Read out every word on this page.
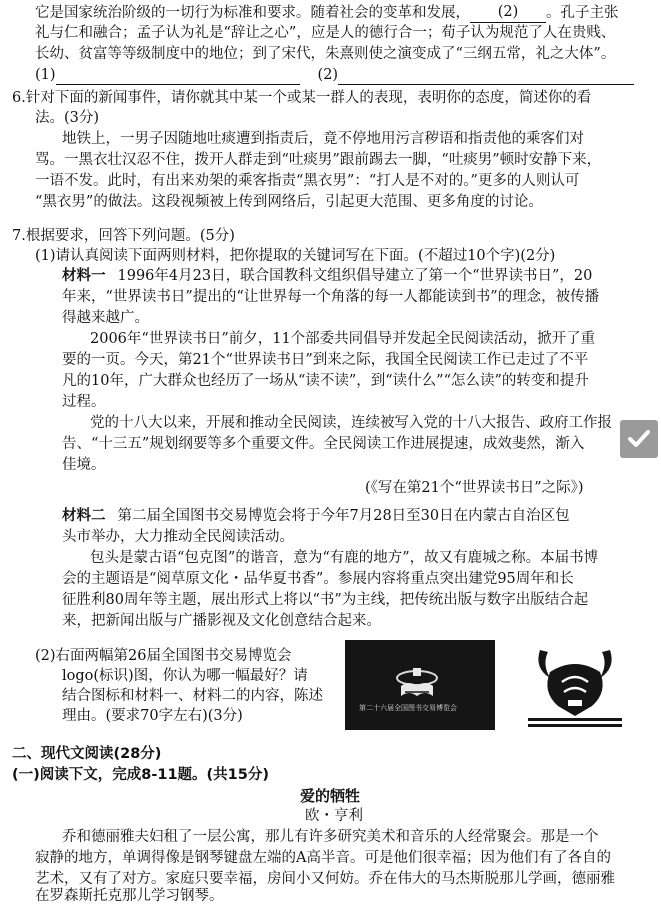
它是国家统治阶级的一切行为标准和要求。随着社会的变革和发展， (2) 。孔子主张
礼与仁和融合；孟子认为礼是“辞让之心”，应是人的德行合一；荀子认为规范了人在贵贱、
长幼、贫富等等级制度中的地位；到了宋代，朱熹则使之演变成了“三纲五常，礼之大体”。
(1)	(2)
6.针对下面的新闻事件，请你就其中某一个或某一群人的表现，表明你的态度，简述你的看
法。(3分)
地铁上，一男子因随地吐痰遭到指责后，竟不停地用污言秽语和指责他的乘客们对
骂。一黑衣壮汉忍不住，拨开人群走到“吐痰男”跟前踢去一脚，“吐痰男”顿时安静下来，
一语不发。此时，有出来劝架的乘客指责“黑衣男”：“打人是不对的。”更多的人则认可
“黑衣男”的做法。这段视频被上传到网络后，引起更大范围、更多角度的讨论。
7.根据要求，回答下列问题。(5分)
(1)请认真阅读下面两则材料，把你提取的关键词写在下面。(不超过10个字)(2分)
材料一 1996年4月23日，联合国教科文组织倡导建立了第一个“世界读书日”，20
年来，“世界读书日”提出的“让世界每一个角落的每一人都能读到书”的理念，被传播
得越来越广。
2006年“世界读书日”前夕，11个部委共同倡导并发起全民阅读活动，掀开了重
要的一页。今天，第21个“世界读书日”到来之际，我国全民阅读工作已走过了不平
凡的10年，广大群众也经历了一场从“读不读”，到“读什么”“怎么读”的转变和提升
过程。
党的十八大以来，开展和推动全民阅读，连续被写入党的十八大报告、政府工作报
告、“十三五”规划纲要等多个重要文件。全民阅读工作进展提速，成效斐然，渐入
佳境。
(《写在第21个“世界读书日”之际》)
材料二 第二届全国图书交易博览会将于今年7月28日至30日在内蒙古自治区包
头市举办，大力推动全民阅读活动。
包头是蒙古语“包克图”的谐音，意为“有鹿的地方”，故又有鹿城之称。本届书博
会的主题语是“阅草原文化・品华夏书香”。参展内容将重点突出建党95周年和长
征胜利80周年等主题，展出形式上将以“书”为主线，把传统出版与数字出版结合起
来，把新闻出版与广播影视及文化创意结合起来。
(2)右面两幅第26届全国图书交易博览会
logo(标识)图，你认为哪一幅最好？请
结合图标和材料一、材料二的内容，陈述
理由。(要求70字左右)(3分)	第二十六届全国图书交易博览会
二、现代文阅读(28分)
(一)阅读下文，完成8-11题。(共15分)
爱的牺牲
欧・亨利
乔和德丽雅夫妇租了一层公寓，那儿有许多研究美术和音乐的人经常聚会。那是一个
寂静的地方，单调得像是钢琴键盘左端的A高半音。可是他们很幸福；因为他们有了各自的
艺术，又有了对方。家庭只要幸福，房间小又何妨。乔在伟大的马杰斯脱那儿学画，德丽雅
在罗森斯托克那儿学习钢琴。
